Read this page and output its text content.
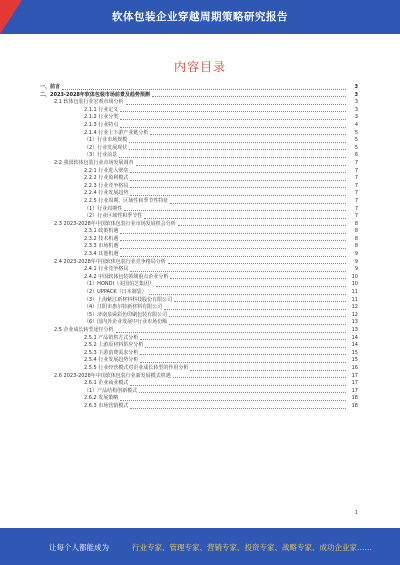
软体包装企业穿越周期策略研究报告
内容目录
一、前言	3
二、2023-2028年软体包装市场前景及趋势预测	3
2.1 软体包装行业宏观市场分析	3
2.1.1 行业定义	3
2.1.2 行业分类	3
2.1.3 行业特点	4
2.1.4 行业上下游产业链分析	5
（1）行业市场规模	5
（2）行业发展现状	5
（3）行业前景	6
2.2 我国软体包装行业市场发展调查	7
2.2.1 行业进入壁垒	7
2.2.2 行业盈利模式	7
2.2.3 行业竞争格局	7
2.2.4 行业发展趋势	7
2.2.5 行业周期、区域性和季节性特征	7
（1）行业周期性	7
（2）行业区域性和季节性	7
2.3 2023-2028年中国软体包装行业市场发展机会分析	8
2.3.1 政策机遇	8
2.3.2 技术机遇	8
2.3.3 市场机遇	8
2.3.4 其他机遇	9
2.4 2023-2028年中国软体包装行业竞争格局分析	9
2.4.1 行业竞争格局	9
2.4.2 中国软体包装领域重点企业分析	10
（1）HONDI（美国伯芝集团）	10
（2）UPPACK（日本制袋）	11
（3）上海紫江新材料科技股份有限公司	11
（4）江阴市惠尔特新材料有限公司	12
（5）济南泉舜彩色印刷包装有限公司	12
（6）国内外企业发展中行业市场份额	13
2.5 企业成长转型途径分析	13
2.5.1 产品销售方式分析	14
2.5.2 上游原材料供应分析	14
2.5.3 下游消费需求分析	15
2.5.4 行业发展趋势分析	15
2.5.5 行业经营模式对企业成长转型的作用分析	16
2.6 2023-2028年中国软体包装行业新发展模式机遇	17
2.6.1 企业商业模式	17
（1）产品结构创新模式	17
2.6.2 发展策略	18
2.6.3 市场营销模式	18
1
让每个人都能成为	行业专家、管理专家、营销专家、投资专家、战略专家、成功企业家……
